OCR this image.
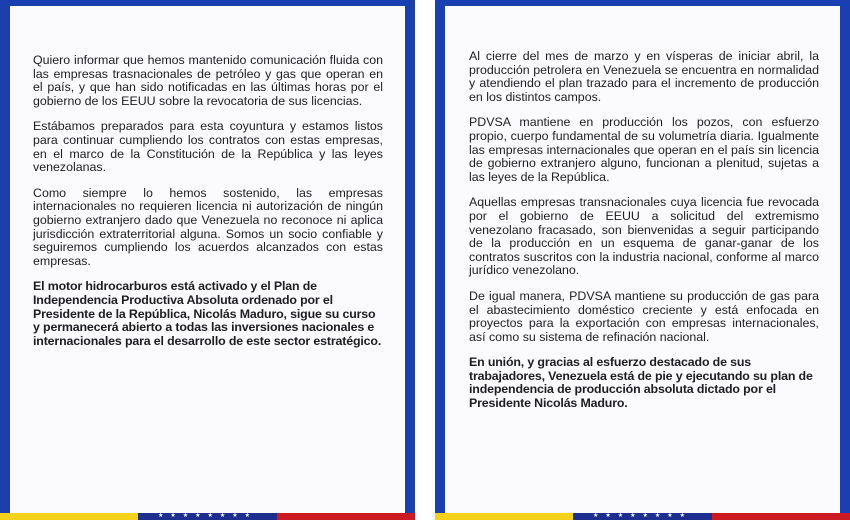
Quiero informar que hemos mantenido comunicación fluida con las empresas trasnacionales de petróleo y gas que operan en el país, y que han sido notificadas en las últimas horas por el gobierno de los EEUU sobre la revocatoria de sus licencias.

Estábamos preparados para esta coyuntura y estamos listos para continuar cumpliendo los contratos con estas empresas, en el marco de la Constitución de la República y las leyes venezolanas.

Como siempre lo hemos sostenido, las empresas internacionales no requieren licencia ni autorización de ningún gobierno extranjero dado que Venezuela no reconoce ni aplica jurisdicción extraterritorial alguna. Somos un socio confiable y seguiremos cumpliendo los acuerdos alcanzados con estas empresas.

El motor hidrocarburos está activado y el Plan de Independencia Productiva Absoluta ordenado por el Presidente de la República, Nicolás Maduro, sigue su curso y permanecerá abierto a todas las inversiones nacionales e internacionales para el desarrollo de este sector estratégico.

★★★★★★★★

Al cierre del mes de marzo y en vísperas de iniciar abril, la producción petrolera en Venezuela se encuentra en normalidad y atendiendo el plan trazado para el incremento de producción en los distintos campos.

PDVSA mantiene en producción los pozos, con esfuerzo propio, cuerpo fundamental de su volumetría diaria. Igualmente las empresas internacionales que operan en el país sin licencia de gobierno extranjero alguno, funcionan a plenitud, sujetas a las leyes de la República.

Aquellas empresas transnacionales cuya licencia fue revocada por el gobierno de EEUU a solicitud del extremismo venezolano fracasado, son bienvenidas a seguir participando de la producción en un esquema de ganar-ganar de los contratos suscritos con la industria nacional, conforme al marco jurídico venezolano.

De igual manera, PDVSA mantiene su producción de gas para el abastecimiento doméstico creciente y está enfocada en proyectos para la exportación con empresas internacionales, así como su sistema de refinación nacional.

En unión, y gracias al esfuerzo destacado de sus trabajadores, Venezuela está de pie y ejecutando su plan de independencia de producción absoluta dictado por el Presidente Nicolás Maduro.

★★★★★★★★
